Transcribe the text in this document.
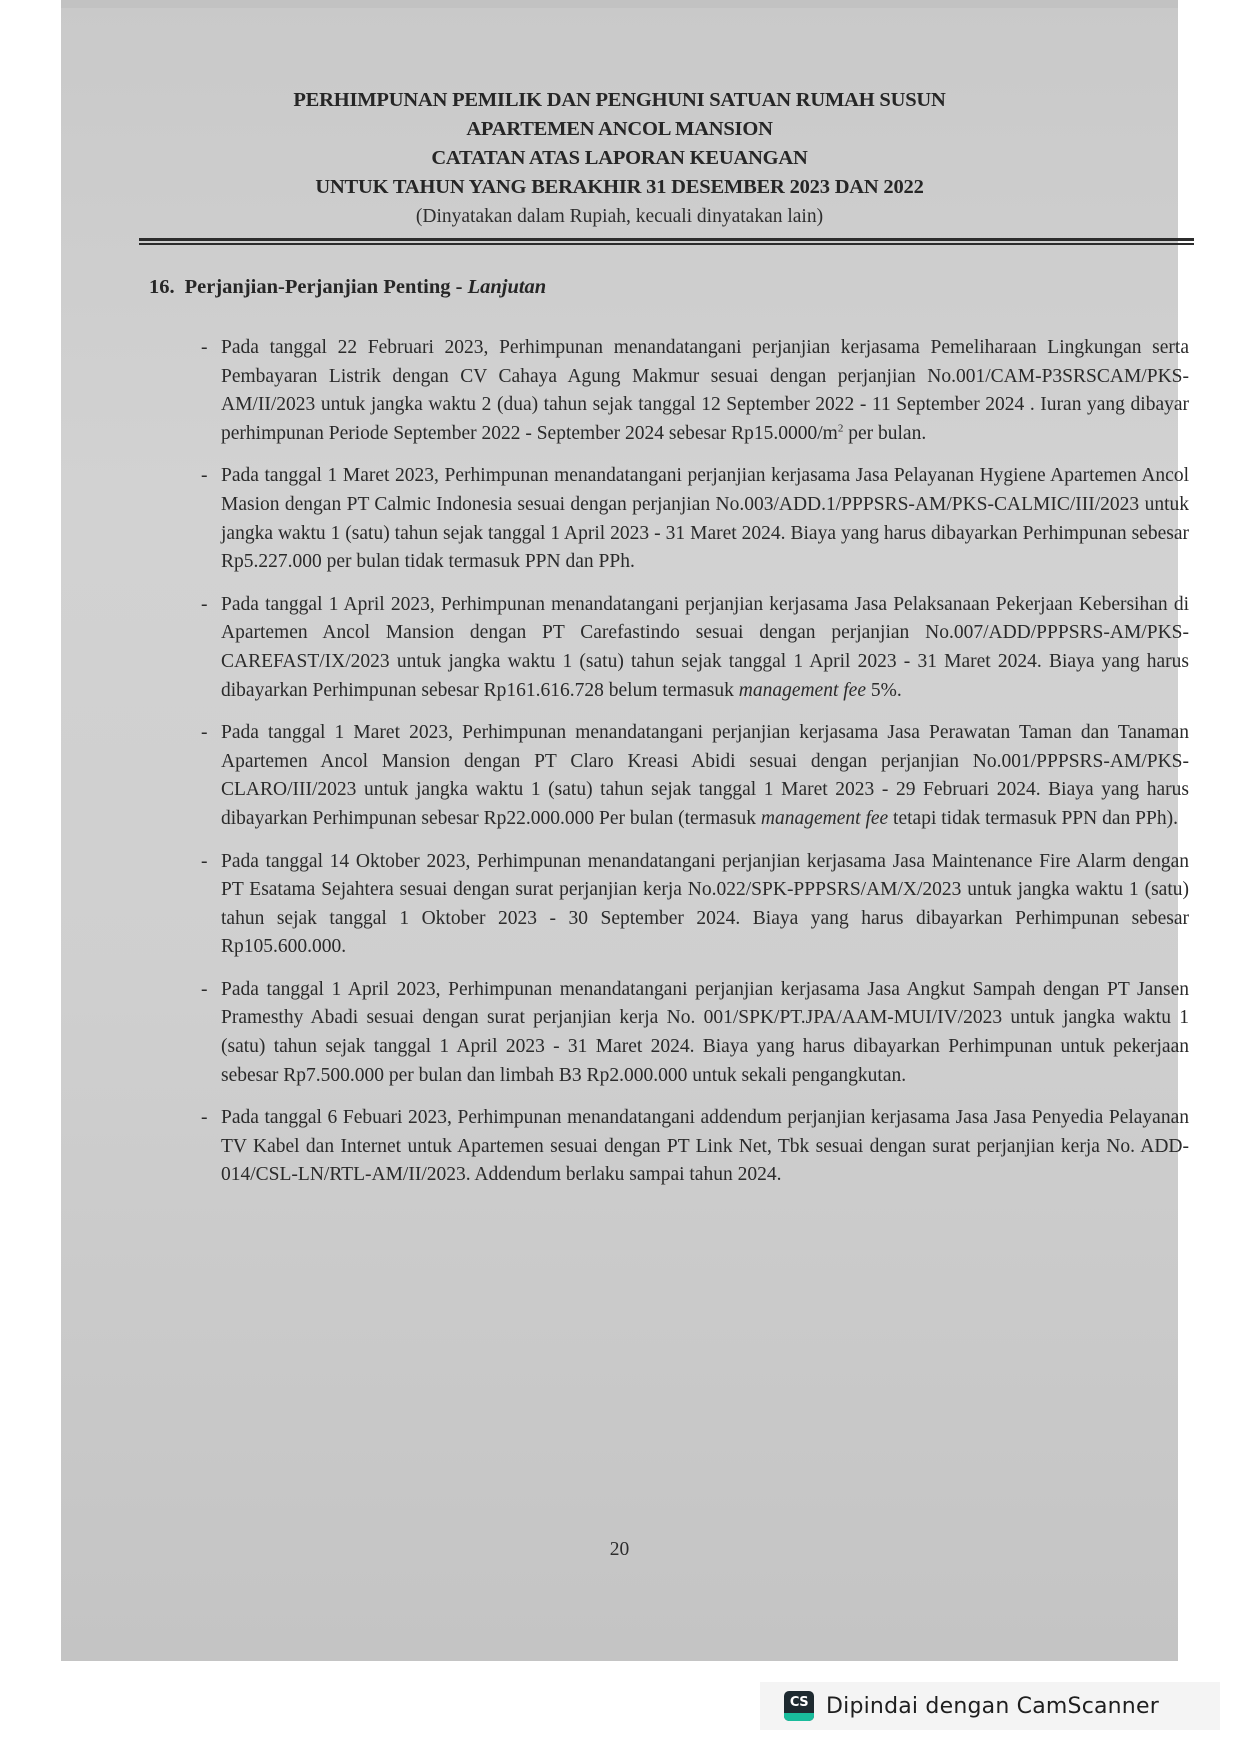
PERHIMPUNAN PEMILIK DAN PENGHUNI SATUAN RUMAH SUSUN
APARTEMEN ANCOL MANSION
CATATAN ATAS LAPORAN KEUANGAN
UNTUK TAHUN YANG BERAKHIR 31 DESEMBER 2023 DAN 2022
(Dinyatakan dalam Rupiah, kecuali dinyatakan lain)
16. Perjanjian-Perjanjian Penting - Lanjutan
- Pada tanggal 22 Februari 2023, Perhimpunan menandatangani perjanjian kerjasama Pemeliharaan Lingkungan serta Pembayaran Listrik dengan CV Cahaya Agung Makmur sesuai dengan perjanjian No.001/CAM-P3SRSCAM/PKS-AM/II/2023 untuk jangka waktu 2 (dua) tahun sejak tanggal 12 September 2022 - 11 September 2024 . Iuran yang dibayar perhimpunan Periode September 2022 - September 2024 sebesar $Rp15.0000/m^2$ per bulan.
- Pada tanggal 1 Maret 2023, Perhimpunan menandatangani perjanjian kerjasama Jasa Pelayanan Hygiene Apartemen Ancol Masion dengan PT Calmic Indonesia sesuai dengan perjanjian No.003/ADD.1/PPPSRS-AM/PKS-CALMIC/III/2023 untuk jangka waktu 1 (satu) tahun sejak tanggal 1 April 2023 - 31 Maret 2024. Biaya yang harus dibayarkan Perhimpunan sebesar Rp5.227.000 per bulan tidak termasuk PPN dan PPh.
- Pada tanggal 1 April 2023, Perhimpunan menandatangani perjanjian kerjasama Jasa Pelaksanaan Pekerjaan Kebersihan di Apartemen Ancol Mansion dengan PT Carefastindo sesuai dengan perjanjian No.007/ADD/PPPSRS-AM/PKS-CAREFAST/IX/2023 untuk jangka waktu 1 (satu) tahun sejak tanggal 1 April 2023 - 31 Maret 2024. Biaya yang harus dibayarkan Perhimpunan sebesar Rp161.616.728 belum termasuk management fee 5%.
- Pada tanggal 1 Maret 2023, Perhimpunan menandatangani perjanjian kerjasama Jasa Perawatan Taman dan Tanaman Apartemen Ancol Mansion dengan PT Claro Kreasi Abidi sesuai dengan perjanjian No.001/PPPSRS-AM/PKS-CLARO/III/2023 untuk jangka waktu 1 (satu) tahun sejak tanggal 1 Maret 2023 - 29 Februari 2024. Biaya yang harus dibayarkan Perhimpunan sebesar Rp22.000.000 Per bulan (termasuk management fee tetapi tidak termasuk PPN dan PPh).
- Pada tanggal 14 Oktober 2023, Perhimpunan menandatangani perjanjian kerjasama Jasa Maintenance Fire Alarm dengan PT Esatama Sejahtera sesuai dengan surat perjanjian kerja No.022/SPK-PPPSRS/AM/X/2023 untuk jangka waktu 1 (satu) tahun sejak tanggal 1 Oktober 2023 - 30 September 2024. Biaya yang harus dibayarkan Perhimpunan sebesar Rp105.600.000.
- Pada tanggal 1 April 2023, Perhimpunan menandatangani perjanjian kerjasama Jasa Angkut Sampah dengan PT Jansen Pramesthy Abadi sesuai dengan surat perjanjian kerja No. 001/SPK/PT.JPA/AAM-MUI/IV/2023 untuk jangka waktu 1 (satu) tahun sejak tanggal 1 April 2023 - 31 Maret 2024. Biaya yang harus dibayarkan Perhimpunan untuk pekerjaan sebesar Rp7.500.000 per bulan dan limbah B3 Rp2.000.000 untuk sekali pengangkutan.
- Pada tanggal 6 Febuari 2023, Perhimpunan menandatangani addendum perjanjian kerjasama Jasa Jasa Penyedia Pelayanan TV Kabel dan Internet untuk Apartemen sesuai dengan PT Link Net, Tbk sesuai dengan surat perjanjian kerja No. ADD-014/CSL-LN/RTL-AM/II/2023. Addendum berlaku sampai tahun 2024.
20
CS Dipindai dengan CamScanner
